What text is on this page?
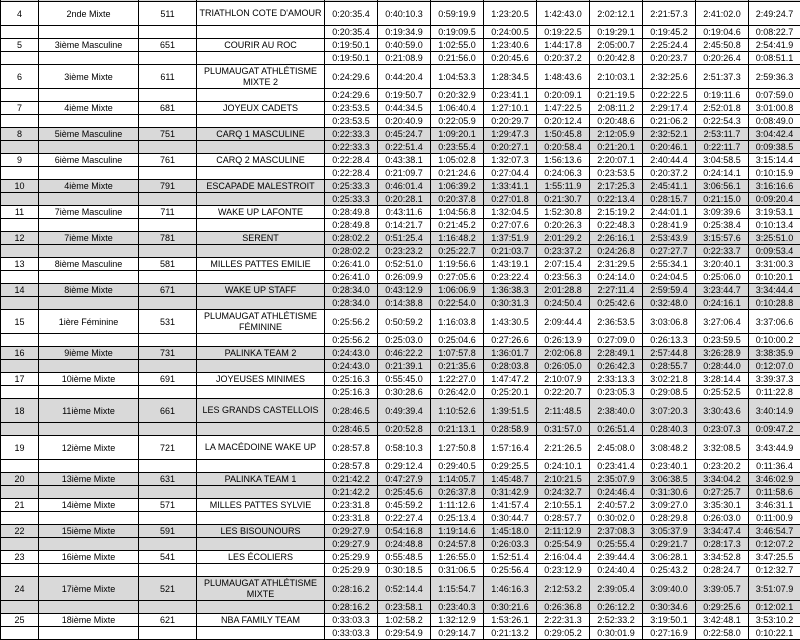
4	2nde Mixte	511	TRIATHLON COTE D'AMOUR	0:20:35.4	0:40:10.3	0:59:19.9	1:23:20.5	1:42:43.0	2:02:12.1	2:21:57.3	2:41:02.0	2:49:24.7
				0:20:35.4	0:19:34.9	0:19:09.5	0:24:00.5	0:19:22.5	0:19:29.1	0:19:45.2	0:19:04.6	0:08:22.7
5	3ième Masculine	651	COURIR AU ROC	0:19:50.1	0:40:59.0	1:02:55.0	1:23:40.6	1:44:17.8	2:05:00.7	2:25:24.4	2:45:50.8	2:54:41.9
				0:19:50.1	0:21:08.9	0:21:56.0	0:20:45.6	0:20:37.2	0:20:42.8	0:20:23.7	0:20:26.4	0:08:51.1
6	3ième Mixte	611	PLUMAUGAT ATHLÉTISME MIXTE 2	0:24:29.6	0:44:20.4	1:04:53.3	1:28:34.5	1:48:43.6	2:10:03.1	2:32:25.6	2:51:37.3	2:59:36.3
				0:24:29.6	0:19:50.7	0:20:32.9	0:23:41.1	0:20:09.1	0:21:19.5	0:22:22.5	0:19:11.6	0:07:59.0
7	4ième Mixte	681	JOYEUX CADETS	0:23:53.5	0:44:34.5	1:06:40.4	1:27:10.1	1:47:22.5	2:08:11.2	2:29:17.4	2:52:01.8	3:01:00.8
				0:23:53.5	0:20:40.9	0:22:05.9	0:20:29.7	0:20:12.4	0:20:48.6	0:21:06.2	0:22:54.3	0:08:49.0
8	5ième Masculine	751	CARQ 1 MASCULINE	0:22:33.3	0:45:24.7	1:09:20.1	1:29:47.3	1:50:45.8	2:12:05.9	2:32:52.1	2:53:11.7	3:04:42.4
				0:22:33.3	0:22:51.4	0:23:55.4	0:20:27.1	0:20:58.4	0:21:20.1	0:20:46.1	0:22:11.7	0:09:38.5
9	6ième Masculine	761	CARQ 2 MASCULINE	0:22:28.4	0:43:38.1	1:05:02.8	1:32:07.3	1:56:13.6	2:20:07.1	2:40:44.4	3:04:58.5	3:15:14.4
				0:22:28.4	0:21:09.7	0:21:24.6	0:27:04.4	0:24:06.3	0:23:53.5	0:20:37.2	0:24:14.1	0:10:15.9
10	4ième Mixte	791	ESCAPADE MALESTROIT	0:25:33.3	0:46:01.4	1:06:39.2	1:33:41.1	1:55:11.9	2:17:25.3	2:45:41.1	3:06:56.1	3:16:16.6
				0:25:33.3	0:20:28.1	0:20:37.8	0:27:01.8	0:21:30.7	0:22:13.4	0:28:15.7	0:21:15.0	0:09:20.4
11	7ième Masculine	711	WAKE UP LAFONTE	0:28:49.8	0:43:11.6	1:04:56.8	1:32:04.5	1:52:30.8	2:15:19.2	2:44:01.1	3:09:39.6	3:19:53.1
				0:28:49.8	0:14:21.7	0:21:45.2	0:27:07.6	0:20:26.3	0:22:48.3	0:28:41.9	0:25:38.4	0:10:13.4
12	7ième Mixte	781	SERENT	0:28:02.2	0:51:25.4	1:16:48.2	1:37:51.9	2:01:29.2	2:26:16.1	2:53:43.9	3:15:57.6	3:25:51.0
				0:28:02.2	0:23:23.2	0:25:22.7	0:21:03.7	0:23:37.2	0:24:26.8	0:27:27.7	0:22:33.7	0:09:53.4
13	8ième Masculine	581	MILLES PATTES EMILIE	0:26:41.0	0:52:51.0	1:19:56.6	1:43:19.1	2:07:15.4	2:31:29.5	2:55:34.1	3:20:40.1	3:31:00.3
				0:26:41.0	0:26:09.9	0:27:05.6	0:23:22.4	0:23:56.3	0:24:14.0	0:24:04.5	0:25:06.0	0:10:20.1
14	8ième Mixte	671	WAKE UP STAFF	0:28:34.0	0:43:12.9	1:06:06.9	1:36:38.3	2:01:28.8	2:27:11.4	2:59:59.4	3:23:44.7	3:34:44.4
				0:28:34.0	0:14:38.8	0:22:54.0	0:30:31.3	0:24:50.4	0:25:42.6	0:32:48.0	0:24:16.1	0:10:28.8
15	1ière Féminine	531	PLUMAUGAT ATHLÉTISME FÉMININE	0:25:56.2	0:50:59.2	1:16:03.8	1:43:30.5	2:09:44.4	2:36:53.5	3:03:06.8	3:27:06.4	3:37:06.6
				0:25:56.2	0:25:03.0	0:25:04.6	0:27:26.6	0:26:13.9	0:27:09.0	0:26:13.3	0:23:59.5	0:10:00.2
16	9ième Mixte	731	PALINKA TEAM 2	0:24:43.0	0:46:22.2	1:07:57.8	1:36:01.7	2:02:06.8	2:28:49.1	2:57:44.8	3:26:28.9	3:38:35.9
				0:24:43.0	0:21:39.1	0:21:35.6	0:28:03.8	0:26:05.0	0:26:42.3	0:28:55.7	0:28:44.0	0:12:07.0
17	10ième Mixte	691	JOYEUSES MINIMES	0:25:16.3	0:55:45.0	1:22:27.0	1:47:47.2	2:10:07.9	2:33:13.3	3:02:21.8	3:28:14.4	3:39:37.3
				0:25:16.3	0:30:28.6	0:26:42.0	0:25:20.1	0:22:20.7	0:23:05.3	0:29:08.5	0:25:52.5	0:11:22.8
18	11ième Mixte	661	LES GRANDS CASTELLOIS	0:28:46.5	0:49:39.4	1:10:52.6	1:39:51.5	2:11:48.5	2:38:40.0	3:07:20.3	3:30:43.6	3:40:14.9
				0:28:46.5	0:20:52.8	0:21:13.1	0:28:58.9	0:31:57.0	0:26:51.4	0:28:40.3	0:23:07.3	0:09:47.2
19	12ième Mixte	721	LA MACÉDOINE WAKE UP	0:28:57.8	0:58:10.3	1:27:50.8	1:57:16.4	2:21:26.5	2:45:08.0	3:08:48.2	3:32:08.5	3:43:44.9
				0:28:57.8	0:29:12.4	0:29:40.5	0:29:25.5	0:24:10.1	0:23:41.4	0:23:40.1	0:23:20.2	0:11:36.4
20	13ième Mixte	631	PALINKA TEAM 1	0:21:42.2	0:47:27.9	1:14:05.7	1:45:48.7	2:10:21.5	2:35:07.9	3:06:38.5	3:34:04.2	3:46:02.9
				0:21:42.2	0:25:45.6	0:26:37.8	0:31:42.9	0:24:32.7	0:24:46.4	0:31:30.6	0:27:25.7	0:11:58.6
21	14ième Mixte	571	MILLES PATTES SYLVIE	0:23:31.8	0:45:59.2	1:11:12.6	1:41:57.4	2:10:55.1	2:40:57.2	3:09:27.0	3:35:30.1	3:46:31.1
				0:23:31.8	0:22:27.4	0:25:13.4	0:30:44.7	0:28:57.7	0:30:02.0	0:28:29.8	0:26:03.0	0:11:00.9
22	15ième Mixte	591	LES BISOUNOURS	0:29:27.9	0:54:16.8	1:19:14.6	1:45:18.0	2:11:12.9	2:37:08.3	3:05:37.9	3:34:47.4	3:46:54.7
				0:29:27.9	0:24:48.8	0:24:57.8	0:26:03.3	0:25:54.9	0:25:55.4	0:29:21.7	0:28:17.3	0:12:07.2
23	16ième Mixte	541	LES ÉCOLIERS	0:25:29.9	0:55:48.5	1:26:55.0	1:52:51.4	2:16:04.4	2:39:44.4	3:06:28.1	3:34:52.8	3:47:25.5
				0:25:29.9	0:30:18.5	0:31:06.5	0:25:56.4	0:23:12.9	0:24:40.4	0:25:43.2	0:28:24.7	0:12:32.7
24	17ième Mixte	521	PLUMAUGAT ATHLÉTISME MIXTE	0:28:16.2	0:52:14.4	1:15:54.7	1:46:16.3	2:12:53.2	2:39:05.4	3:09:40.0	3:39:05.7	3:51:07.9
				0:28:16.2	0:23:58.1	0:23:40.3	0:30:21.6	0:26:36.8	0:26:12.2	0:30:34.6	0:29:25.6	0:12:02.1
25	18ième Mixte	621	NBA FAMILY TEAM	0:33:03.3	1:02:58.2	1:32:12.9	1:53:26.1	2:22:31.3	2:52:33.2	3:19:50.1	3:42:48.1	3:53:10.2
				0:33:03.3	0:29:54.9	0:29:14.7	0:21:13.2	0:29:05.2	0:30:01.9	0:27:16.9	0:22:58.0	0:10:22.1
